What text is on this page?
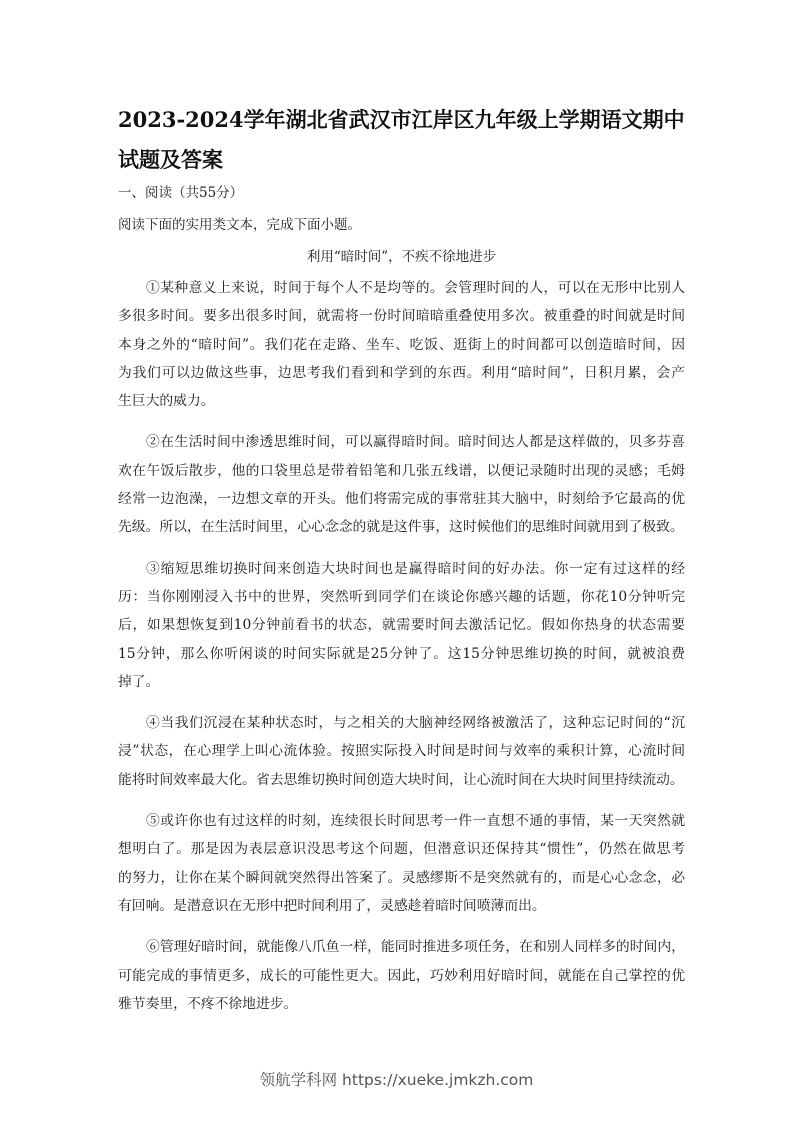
2023-2024学年湖北省武汉市江岸区九年级上学期语文期中
试题及答案
一、阅读（共55分）
阅读下面的实用类文本，完成下面小题。
利用“暗时间”，不疾不徐地进步
①某种意义上来说，时间于每个人不是均等的。会管理时间的人，可以在无形中比别人
多很多时间。要多出很多时间，就需将一份时间暗暗重叠使用多次。被重叠的时间就是时间
本身之外的“暗时间”。我们花在走路、坐车、吃饭、逛街上的时间都可以创造暗时间，因
为我们可以边做这些事，边思考我们看到和学到的东西。利用“暗时间”，日积月累，会产
生巨大的威力。
②在生活时间中渗透思维时间，可以赢得暗时间。暗时间达人都是这样做的，贝多芬喜
欢在午饭后散步，他的口袋里总是带着铅笔和几张五线谱，以便记录随时出现的灵感；毛姆
经常一边泡澡，一边想文章的开头。他们将需完成的事常驻其大脑中，时刻给予它最高的优
先级。所以，在生活时间里，心心念念的就是这件事，这时候他们的思维时间就用到了极致。
③缩短思维切换时间来创造大块时间也是赢得暗时间的好办法。你一定有过这样的经
历：当你刚刚浸入书中的世界，突然听到同学们在谈论你感兴趣的话题，你花10分钟听完
后，如果想恢复到10分钟前看书的状态，就需要时间去激活记忆。假如你热身的状态需要
15分钟，那么你听闲谈的时间实际就是25分钟了。这15分钟思维切换的时间，就被浪费
掉了。
④当我们沉浸在某种状态时，与之相关的大脑神经网络被激活了，这种忘记时间的“沉
浸”状态，在心理学上叫心流体验。按照实际投入时间是时间与效率的乘积计算，心流时间
能将时间效率最大化。省去思维切换时间创造大块时间，让心流时间在大块时间里持续流动。
⑤或许你也有过这样的时刻，连续很长时间思考一件一直想不通的事情，某一天突然就
想明白了。那是因为表层意识没思考这个问题，但潜意识还保持其“惯性”，仍然在做思考
的努力，让你在某个瞬间就突然得出答案了。灵感缪斯不是突然就有的，而是心心念念，必
有回响。是潜意识在无形中把时间利用了，灵感趁着暗时间喷薄而出。
⑥管理好暗时间，就能像八爪鱼一样，能同时推进多项任务，在和别人同样多的时间内，
可能完成的事情更多，成长的可能性更大。因此，巧妙利用好暗时间，就能在自己掌控的优
雅节奏里，不疼不徐地进步。
领航学科网 https://xueke.jmkzh.com
